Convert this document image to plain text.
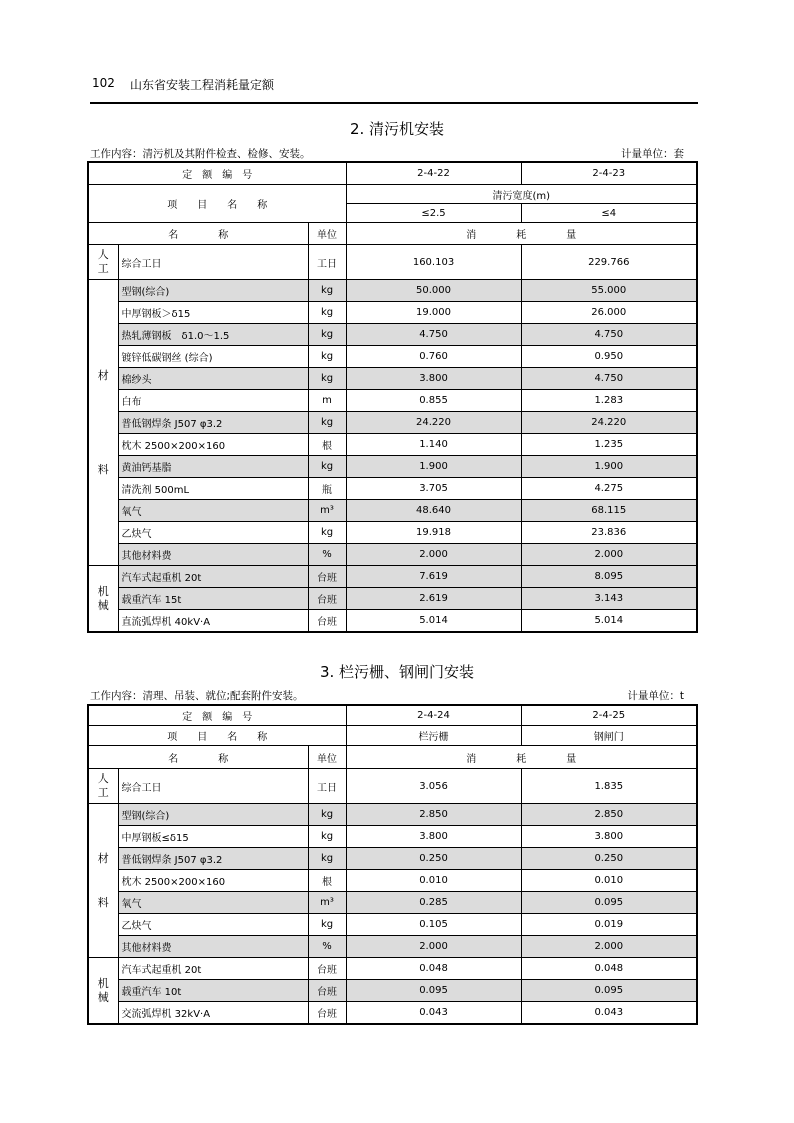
102 山东省安装工程消耗量定额
2. 清污机安装
工作内容：清污机及其附件检查、检修、安装。	计量单位：套
定　额　编　号			2-4-22	2-4-23
项　　目　　名　　称			清污宽度(m)	
			≤2.5	≤4
名　　　　称		单位	消　　　　耗　　　　量	
人
工	综合工日	工日	160.103	229.766

材
料	型钢(综合)	kg	50.000	55.000
	中厚钢板＞δ15	kg	19.000	26.000
	热轧薄钢板　δ1.0～1.5	kg	4.750	4.750
	镀锌低碳钢丝 (综合)	kg	0.760	0.950
	棉纱头	kg	3.800	4.750
	白布	m	0.855	1.283
	普低钢焊条 J507 φ3.2	kg	24.220	24.220
	枕木 2500×200×160	根	1.140	1.235
	黄油钙基脂	kg	1.900	1.900
	清洗剂 500mL	瓶	3.705	4.275
	氧气	m³	48.640	68.115
	乙炔气	kg	19.918	23.836
	其他材料费	%	2.000	2.000
机
械	汽车式起重机 20t	台班	7.619	8.095
	载重汽车 15t	台班	2.619	3.143
	直流弧焊机 40kV·A	台班	5.014	5.014
3. 栏污栅、钢闸门安装
工作内容：清理、吊装、就位;配套附件安装。	计量单位：t
定　额　编　号			2-4-24	2-4-25
项　　目　　名　　称			栏污栅	钢闸门
名　　　　称		单位	消　　　　耗　　　　量	
人
工	综合工日	工日	3.056	1.835

材
料	型钢(综合)	kg	2.850	2.850
	中厚钢板≤δ15	kg	3.800	3.800
	普低钢焊条 J507 φ3.2	kg	0.250	0.250
	枕木 2500×200×160	根	0.010	0.010
	氧气	m³	0.285	0.095
	乙炔气	kg	0.105	0.019
	其他材料费	%	2.000	2.000
机
械	汽车式起重机 20t	台班	0.048	0.048
	载重汽车 10t	台班	0.095	0.095
	交流弧焊机 32kV·A	台班	0.043	0.043
